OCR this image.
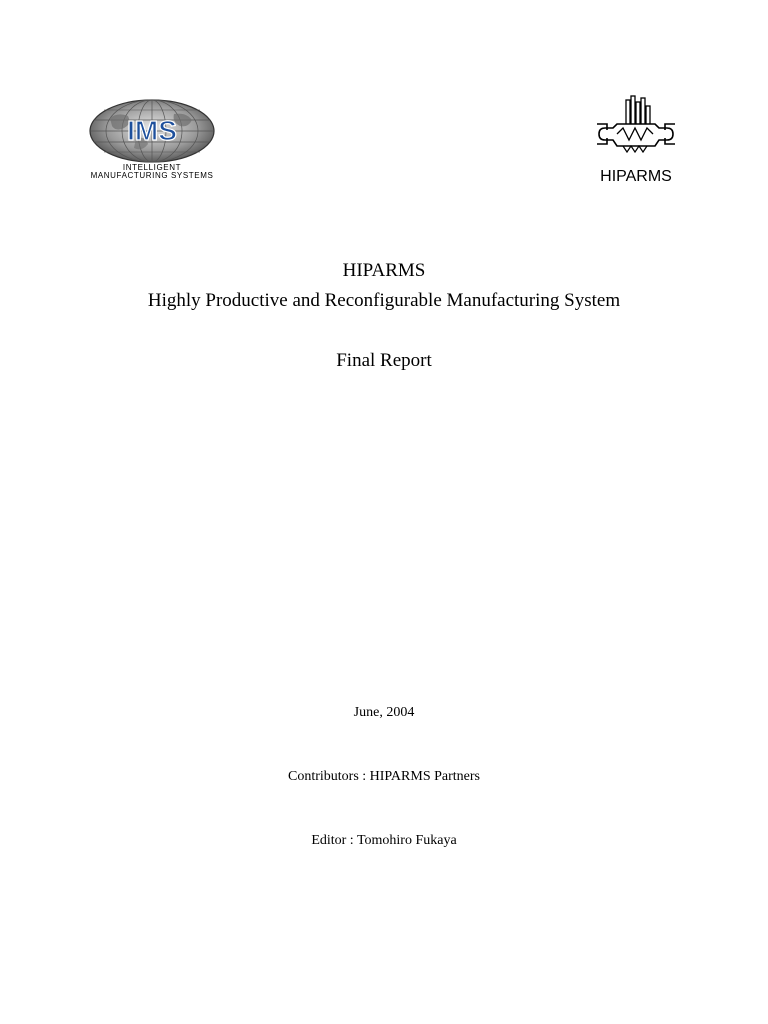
IMS
INTELLIGENT
MANUFACTURING SYSTEMS	HIPARMS
HIPARMS
Highly Productive and Reconfigurable Manufacturing System
Final Report
June, 2004
Contributors : HIPARMS Partners
Editor : Tomohiro Fukaya
